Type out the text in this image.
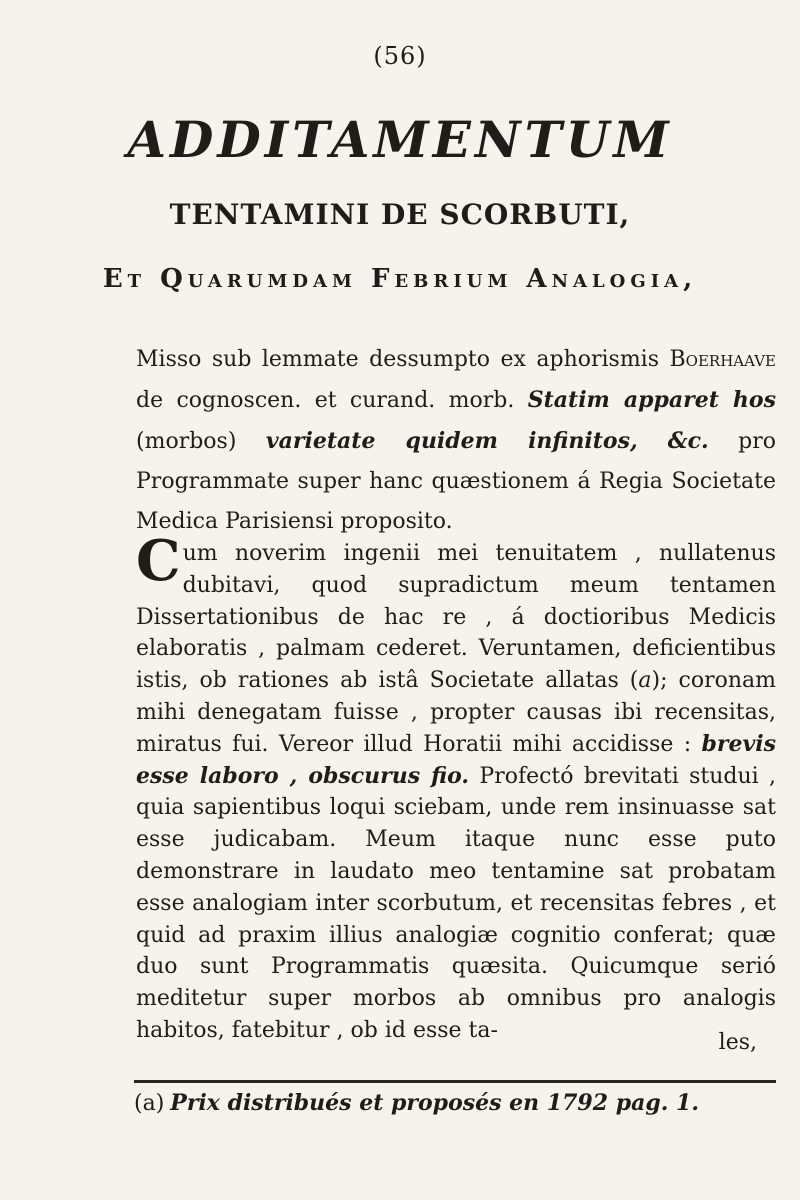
(56)
ADDITAMENTUM
TENTAMINI DE SCORBUTI,
Et Quarumdam Febrium Analogia,

Misso sub lemmate dessumpto ex aphorismis Boerhaave de cognoscen. et curand. morb. Statim apparet hos (morbos) varietate quidem infinitos, &c. pro Programmate super hanc quæstionem á Regia Societate Medica Parisiensi proposito.

Cum noverim ingenii mei tenuitatem , nullatenus dubitavi, quod supradictum meum tentamen Dissertationibus de hac re , á doctioribus Medicis elaboratis , palmam cederet. Veruntamen, deficientibus istis, ob rationes ab istâ Societate allatas (a); coronam mihi denegatam fuisse , propter causas ibi recensitas, miratus fui. Vereor illud Horatii mihi accidisse : brevis esse laboro , obscurus fio. Profectó brevitati studui , quia sapientibus loqui sciebam, unde rem insinuasse sat esse judicabam. Meum itaque nunc esse puto demonstrare in laudato meo tentamine sat probatam esse analogiam inter scorbutum, et recensitas febres , et quid ad praxim illius analogiæ cognitio conferat; quæ duo sunt Programmatis quæsita. Quicumque serió meditetur super morbos ab omnibus pro analogis habitos, fatebitur , ob id esse ta-	les,
(a) Prix distribués et proposés en 1792 pag. 1.
